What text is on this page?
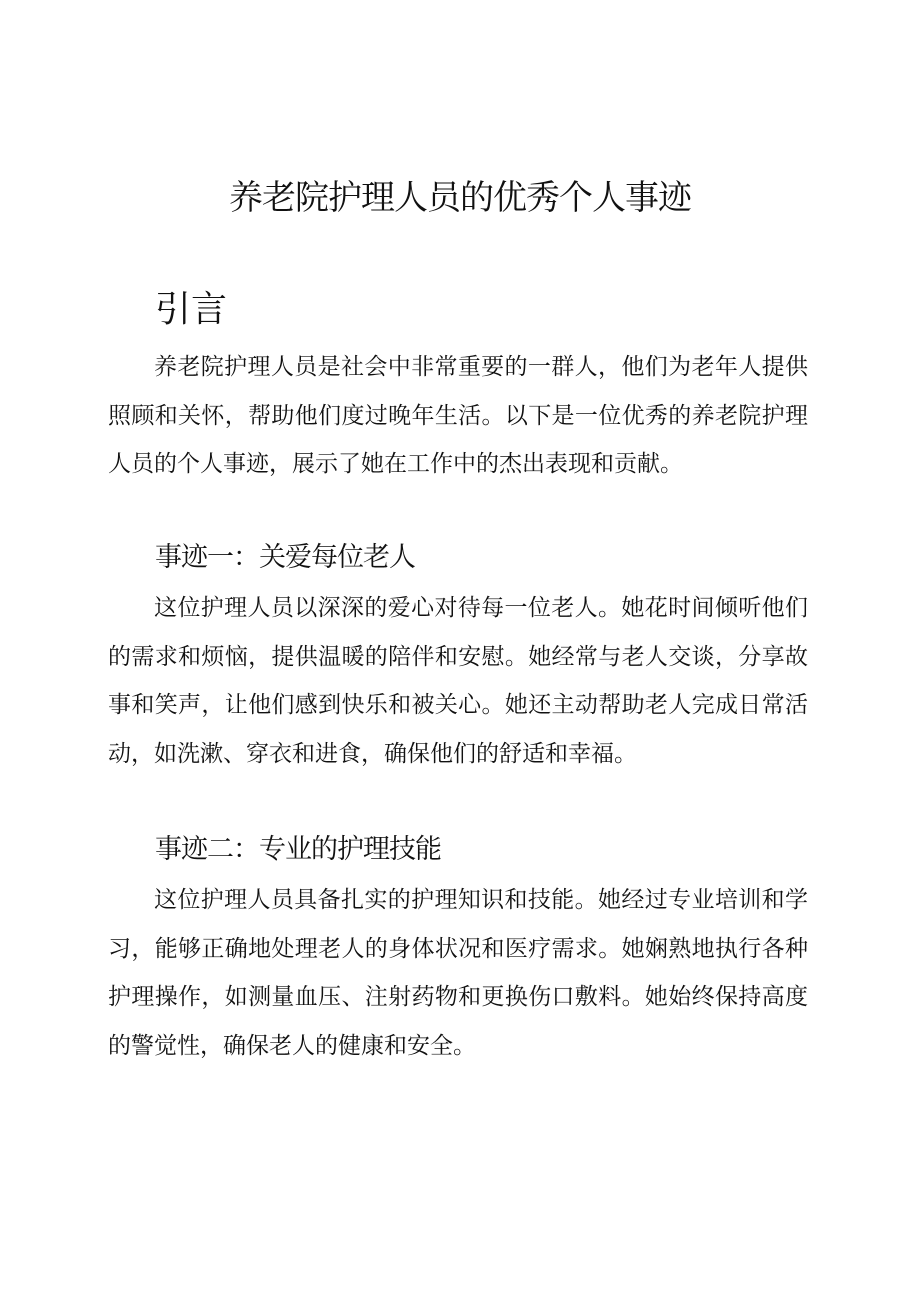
养老院护理人员的优秀个人事迹
引言

养老院护理人员是社会中非常重要的一群人，他们为老年人提供照顾和关怀，帮助他们度过晚年生活。以下是一位优秀的养老院护理人员的个人事迹，展示了她在工作中的杰出表现和贡献。

事迹一：关爱每位老人

这位护理人员以深深的爱心对待每一位老人。她花时间倾听他们的需求和烦恼，提供温暖的陪伴和安慰。她经常与老人交谈，分享故事和笑声，让他们感到快乐和被关心。她还主动帮助老人完成日常活动，如洗漱、穿衣和进食，确保他们的舒适和幸福。

事迹二：专业的护理技能

这位护理人员具备扎实的护理知识和技能。她经过专业培训和学习，能够正确地处理老人的身体状况和医疗需求。她娴熟地执行各种护理操作，如测量血压、注射药物和更换伤口敷料。她始终保持高度的警觉性，确保老人的健康和安全。
